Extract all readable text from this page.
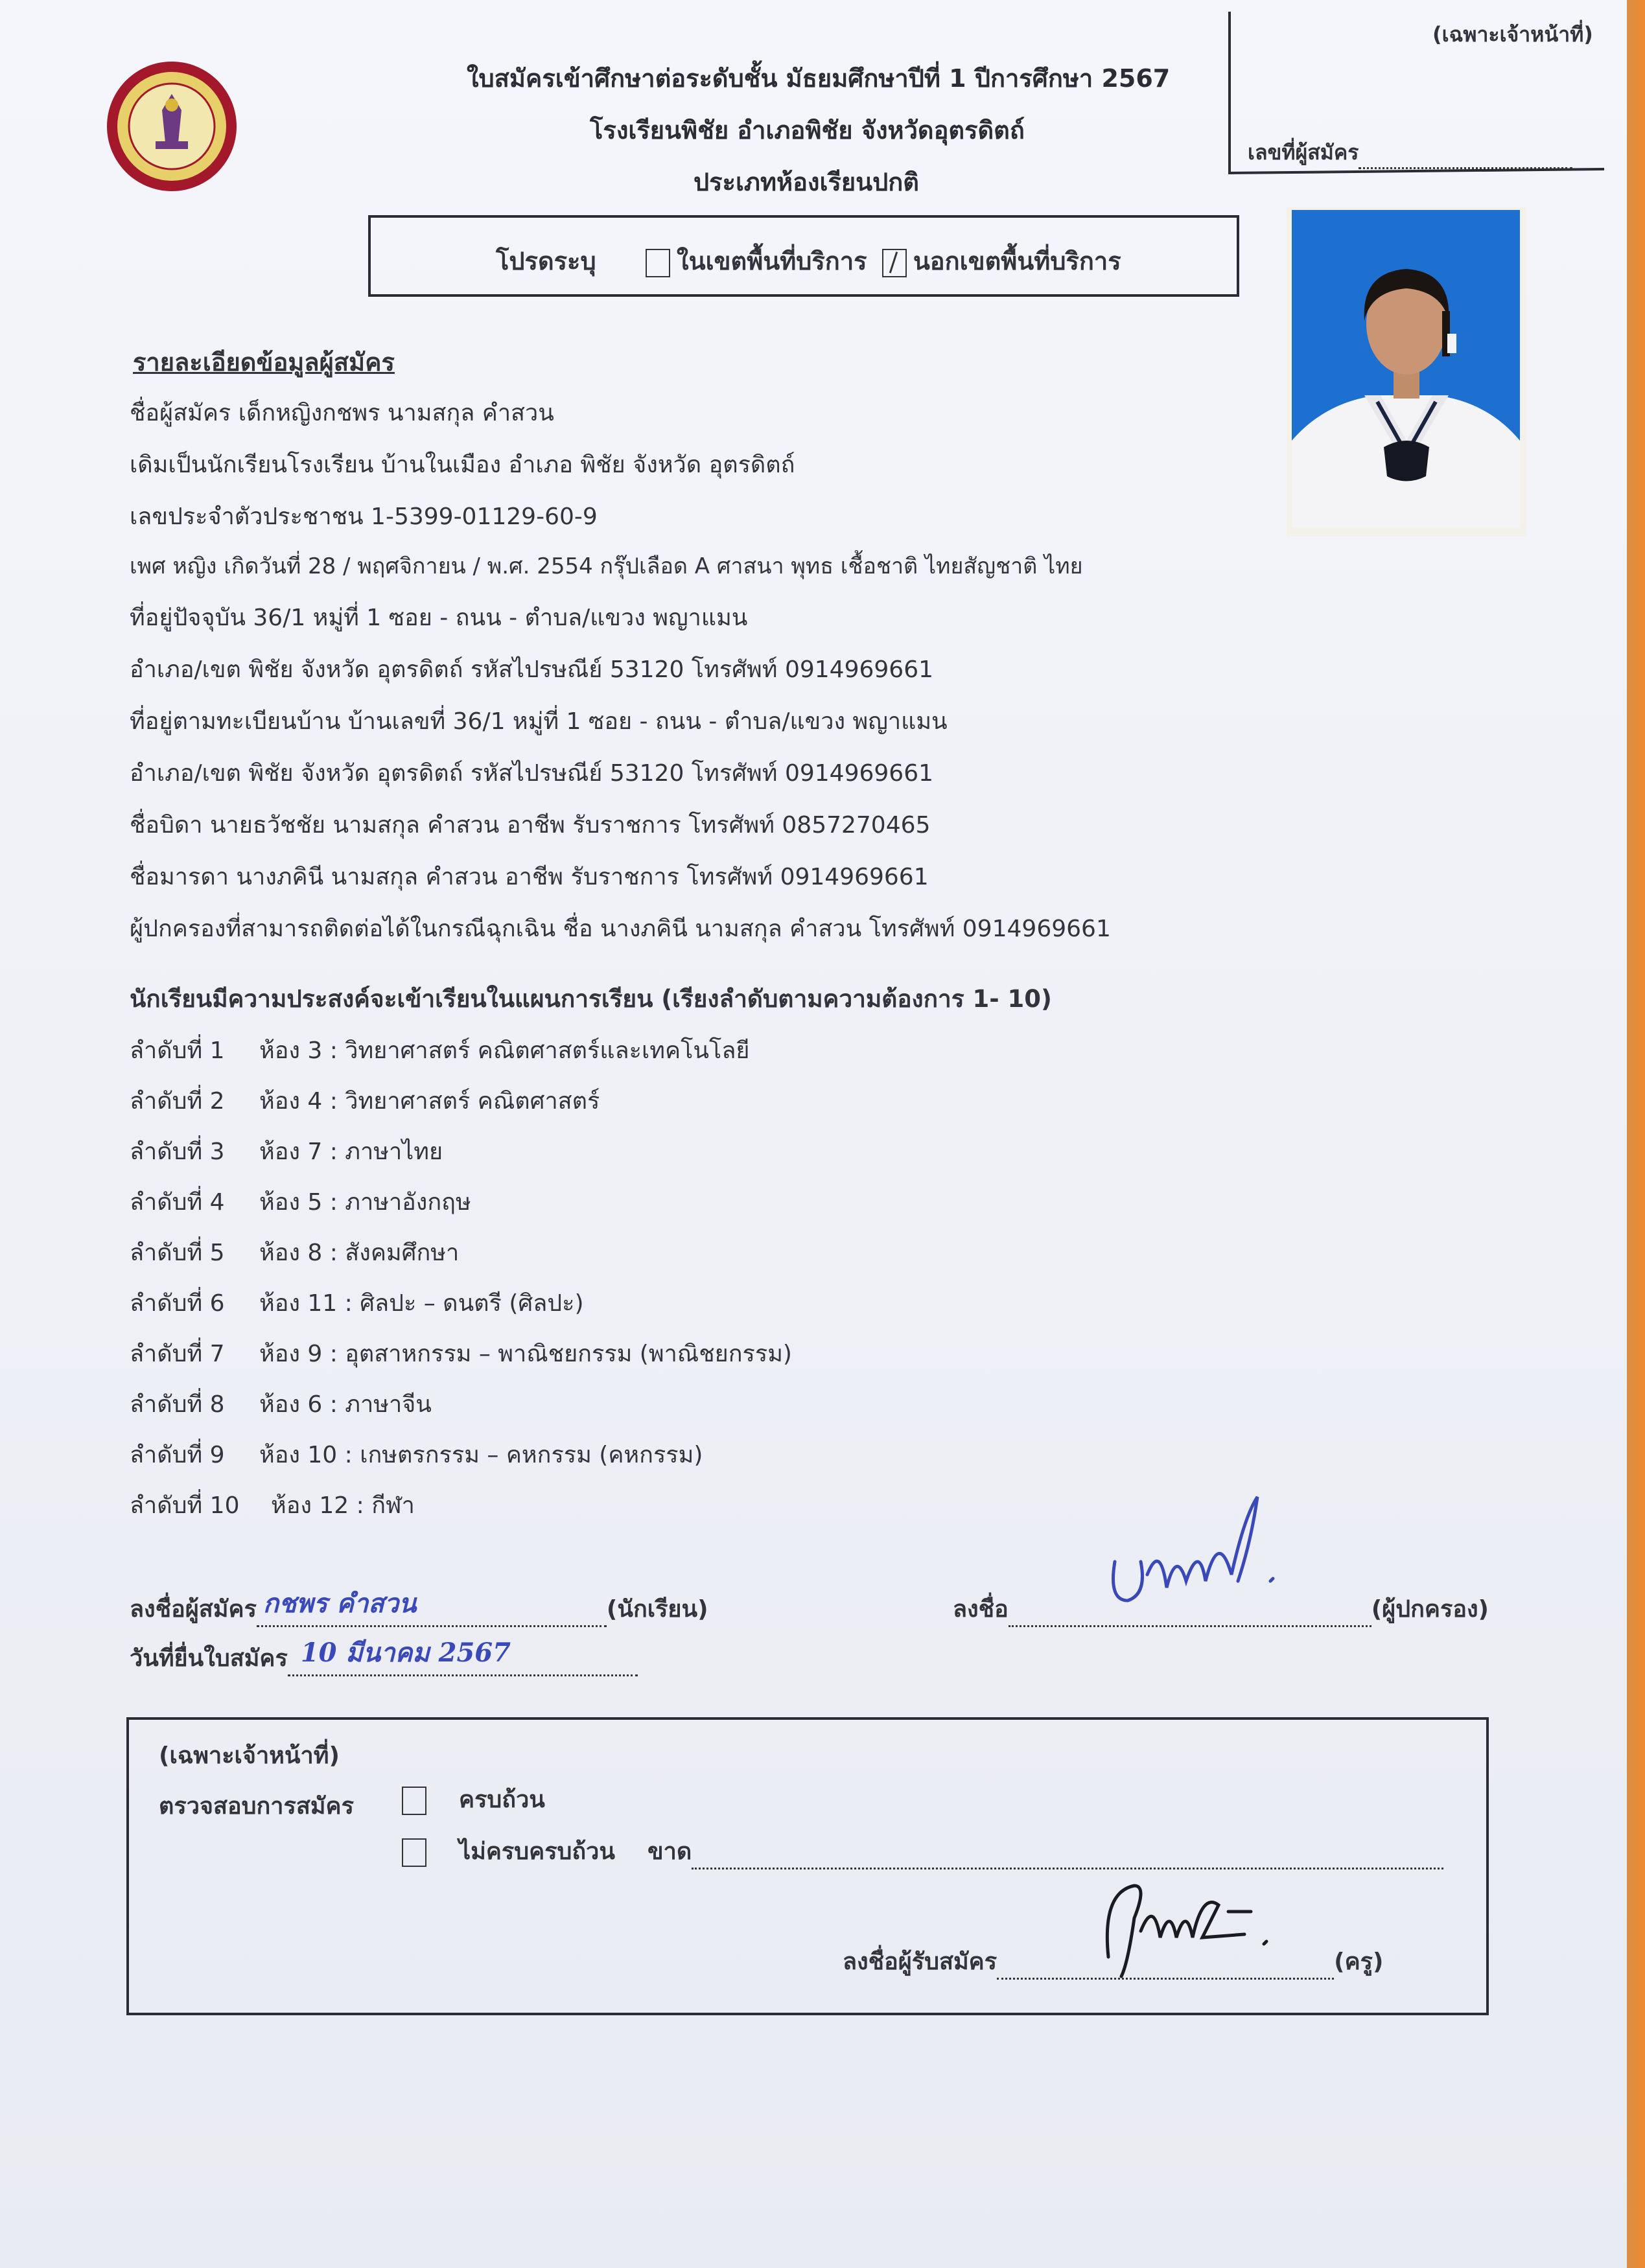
ใบสมัครเข้าศึกษาต่อระดับชั้น มัธยมศึกษาปีที่ 1 ปีการศึกษา 2567
โรงเรียนพิชัย อำเภอพิชัย จังหวัดอุตรดิตถ์
ประเภทห้องเรียนปกติ
(เฉพาะเจ้าหน้าที่)
เลขที่ผู้สมัคร
โปรดระบุ	ในเขตพื้นที่บริการ นอกเขตพื้นที่บริการ
รายละเอียดข้อมูลผู้สมัคร
ชื่อผู้สมัคร เด็กหญิงกชพร นามสกุล คำสวน
เดิมเป็นนักเรียนโรงเรียน บ้านในเมือง อำเภอ พิชัย จังหวัด อุตรดิตถ์
เลขประจำตัวประชาชน 1-5399-01129-60-9
เพศ หญิง เกิดวันที่ 28 / พฤศจิกายน / พ.ศ. 2554 กรุ๊ปเลือด A ศาสนา พุทธ เชื้อชาติ ไทยสัญชาติ ไทย
ที่อยู่ปัจจุบัน 36/1 หมู่ที่ 1 ซอย - ถนน - ตำบล/แขวง พญาแมน
อำเภอ/เขต พิชัย จังหวัด อุตรดิตถ์ รหัสไปรษณีย์ 53120 โทรศัพท์ 0914969661
ที่อยู่ตามทะเบียนบ้าน บ้านเลขที่ 36/1 หมู่ที่ 1 ซอย - ถนน - ตำบล/แขวง พญาแมน
อำเภอ/เขต พิชัย จังหวัด อุตรดิตถ์ รหัสไปรษณีย์ 53120 โทรศัพท์ 0914969661
ชื่อบิดา นายธวัชชัย นามสกุล คำสวน อาชีพ รับราชการ โทรศัพท์ 0857270465
ชื่อมารดา นางภคินี นามสกุล คำสวน อาชีพ รับราชการ โทรศัพท์ 0914969661
ผู้ปกครองที่สามารถติดต่อได้ในกรณีฉุกเฉิน ชื่อ นางภคินี นามสกุล คำสวน โทรศัพท์ 0914969661
นักเรียนมีความประสงค์จะเข้าเรียนในแผนการเรียน (เรียงลำดับตามความต้องการ 1- 10)
ลำดับที่ 1 ห้อง 3 : วิทยาศาสตร์ คณิตศาสตร์และเทคโนโลยี
ลำดับที่ 2 ห้อง 4 : วิทยาศาสตร์ คณิตศาสตร์
ลำดับที่ 3 ห้อง 7 : ภาษาไทย
ลำดับที่ 4 ห้อง 5 : ภาษาอังกฤษ
ลำดับที่ 5 ห้อง 8 : สังคมศึกษา
ลำดับที่ 6 ห้อง 11 : ศิลปะ – ดนตรี (ศิลปะ)
ลำดับที่ 7 ห้อง 9 : อุตสาหกรรม – พาณิชยกรรม (พาณิชยกรรม)
ลำดับที่ 8 ห้อง 6 : ภาษาจีน
ลำดับที่ 9 ห้อง 10 : เกษตรกรรม – คหกรรม (คหกรรม)
ลำดับที่ 10 ห้อง 12 : กีฬา
ลงชื่อผู้สมัคร กชพร คำสวน	(นักเรียน)
วันที่ยื่นใบสมัคร 10 มีนาคม 2567
ลงชื่อ	(ผู้ปกครอง)
(เฉพาะเจ้าหน้าที่)
ตรวจสอบการสมัคร	ครบถ้วน
ไม่ครบครบถ้วน ขาด
ลงชื่อผู้รับสมัคร	(ครู)
